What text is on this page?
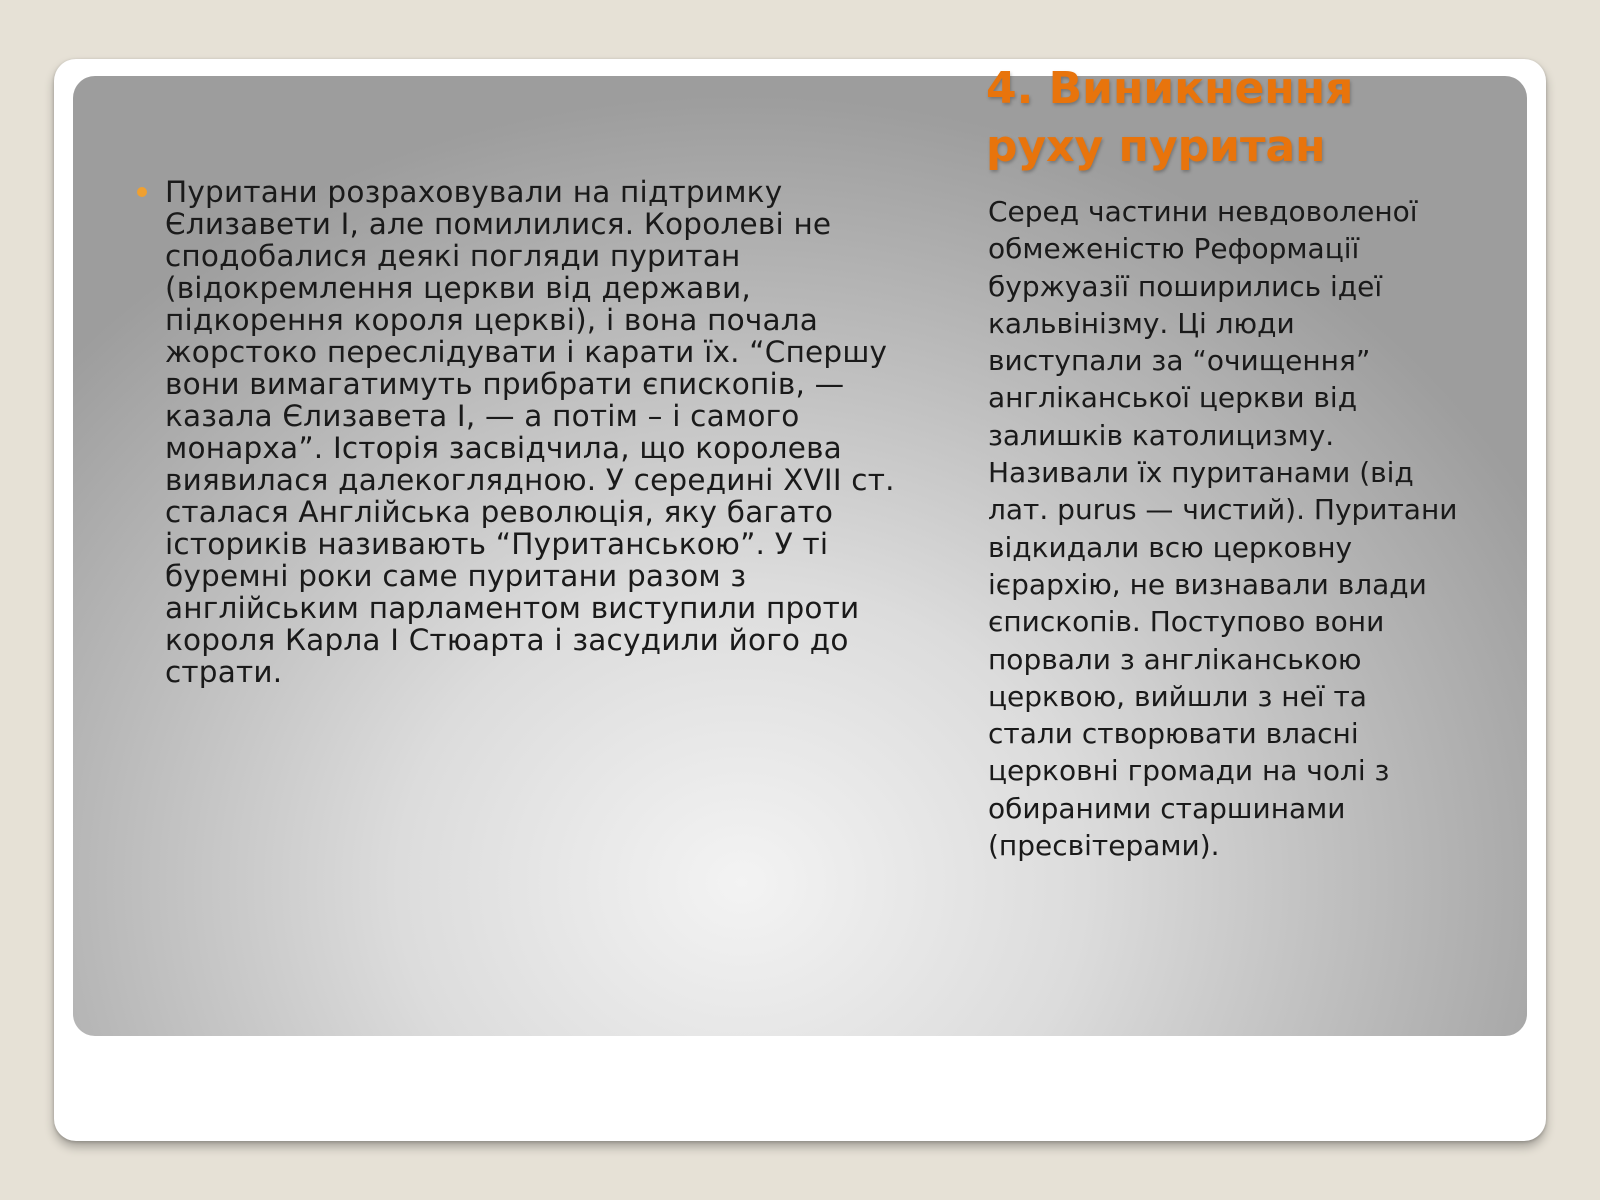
Пуритани розраховували на підтримку Єлизавети I, але помилилися. Королеві не сподобалися деякі погляди пуритан (відокремлення церкви від держави, підкорення короля церкві), і вона почала жорстоко переслідувати і карати їх. “Спершу вони вимагатимуть прибрати єпископів, — казала Єлизавета I, — а потім – і самого монарха”. Історія засвідчила, що королева виявилася далекоглядною. У середині XVII ст. сталася Англійська революція, яку багато істориків називають “Пуританською”. У ті буремні роки саме пуритани разом з англійським парламентом виступили проти короля Карла I Стюарта і засудили його до страти.

4. Виникнення руху пуритан

Серед частини невдоволеної обмеженістю Реформації буржуазії поширились ідеї кальвінізму. Ці люди виступали за “очищення” англіканської церкви від залишків католицизму. Називали їх пуританами (від лат. purus — чистий). Пуритани відкидали всю церковну ієрархію, не визнавали влади єпископів. Поступово вони порвали з англіканською церквою, вийшли з неї та стали створювати власні церковні громади на чолі з обираними старшинами (пресвітерами).
